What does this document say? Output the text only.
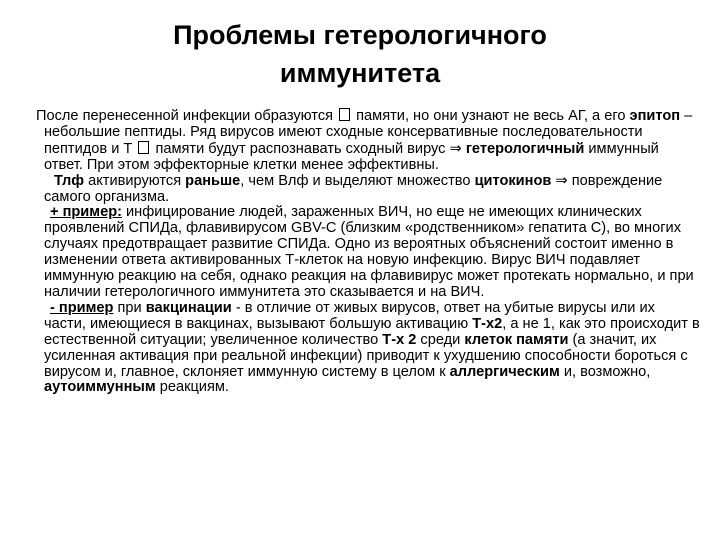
Проблемы гетерологичного
иммунитета

После перенесенной инфекции образуются памяти, но они узнают не весь АГ, а его эпитоп – небольшие пептиды. Ряд вирусов имеют сходные консервативные последовательности пептидов и Т памяти будут распознавать сходный вирус ⇒ гетерологичный иммунный ответ. При этом эффекторные клетки менее эффективны.

Тлф активируются раньше, чем Влф и выделяют множество цитокинов ⇒ повреждение самого организма.

+ пример: инфицирование людей, зараженных ВИЧ, но еще не имеющих клинических проявлений СПИДа, флавивирусом GBV-C (близким «родственником» гепатита С), во многих случаях предотвращает развитие СПИДа. Одно из вероятных объяснений состоит именно в изменении ответа активированных Т-клеток на новую инфекцию. Вирус ВИЧ подавляет иммунную реакцию на себя, однако реакция на флавивирус может протекать нормально, и при наличии гетерологичного иммунитета это сказывается и на ВИЧ.

- пример при вакцинации - в отличие от живых вирусов, ответ на убитые вирусы или их части, имеющиеся в вакцинах, вызывают большую активацию Т-х2, а не 1, как это происходит в естественной ситуации; увеличенное количество Т-х 2 среди клеток памяти (а значит, их усиленная активация при реальной инфекции) приводит к ухудшению способности бороться с вирусом и, главное, склоняет иммунную систему в целом к аллергическим и, возможно, аутоиммунным реакциям.
